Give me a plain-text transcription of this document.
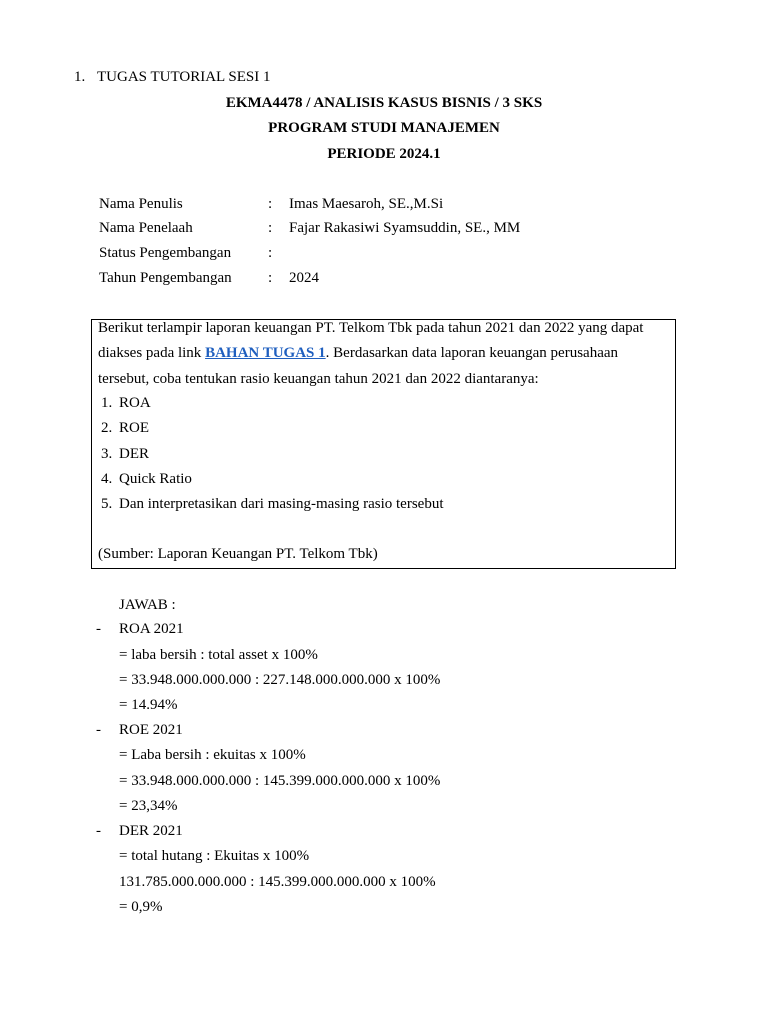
1. TUGAS TUTORIAL SESI 1
EKMA4478 / ANALISIS KASUS BISNIS / 3 SKS
PROGRAM STUDI MANAJEMEN
PERIODE 2024.1
Nama Penulis	: Imas Maesaroh, SE.,M.Si
Nama Penelaah	: Fajar Rakasiwi Syamsuddin, SE., MM
Status Pengembangan :
Tahun Pengembangan : 2024
Berikut terlampir laporan keuangan PT. Telkom Tbk pada tahun 2021 dan 2022 yang dapat
diakses pada link BAHAN TUGAS 1. Berdasarkan data laporan keuangan perusahaan
tersebut, coba tentukan rasio keuangan tahun 2021 dan 2022 diantaranya:
1. ROA
2. ROE
3. DER
4. Quick Ratio
5. Dan interpretasikan dari masing-masing rasio tersebut
(Sumber: Laporan Keuangan PT. Telkom Tbk)
JAWAB :
- ROA 2021
= laba bersih : total asset x 100%
= 33.948.000.000.000 : 227.148.000.000.000 x 100%
= 14.94%
- ROE 2021
= Laba bersih : ekuitas x 100%
= 33.948.000.000.000 : 145.399.000.000.000 x 100%
= 23,34%
- DER 2021
= total hutang : Ekuitas x 100%
131.785.000.000.000 : 145.399.000.000.000 x 100%
= 0,9%
